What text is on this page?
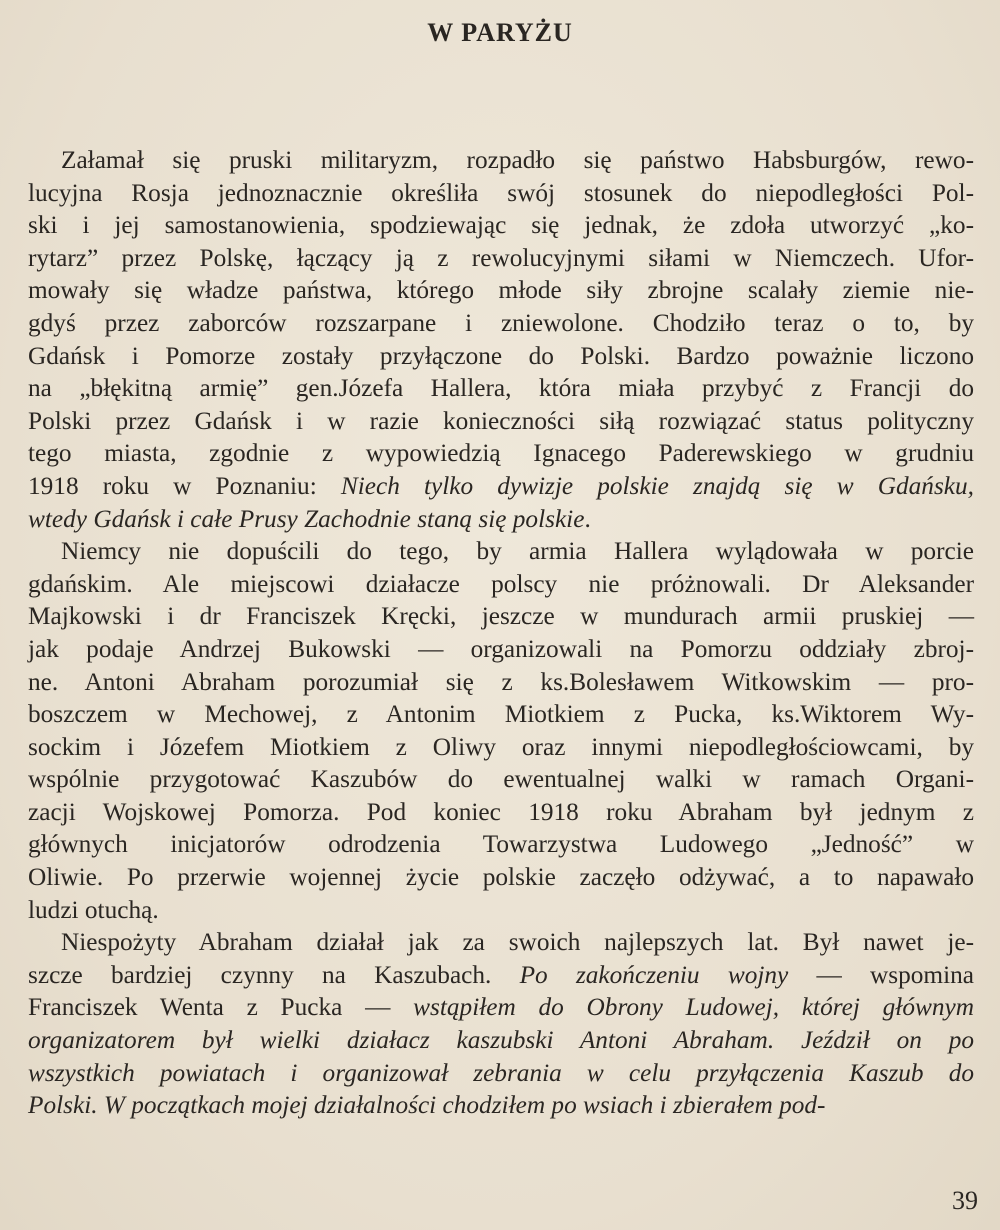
W PARYŻU
Załamał się pruski militaryzm, rozpadło się państwo Habsburgów, rewo-
lucyjna Rosja jednoznacznie określiła swój stosunek do niepodległości Pol-
ski i jej samostanowienia, spodziewając się jednak, że zdoła utworzyć „ko-
rytarz” przez Polskę, łączący ją z rewolucyjnymi siłami w Niemczech. Ufor-
mowały się władze państwa, którego młode siły zbrojne scalały ziemie nie-
gdyś przez zaborców rozszarpane i zniewolone. Chodziło teraz o to, by
Gdańsk i Pomorze zostały przyłączone do Polski. Bardzo poważnie liczono
na „błękitną armię” gen.Józefa Hallera, która miała przybyć z Francji do
Polski przez Gdańsk i w razie konieczności siłą rozwiązać status polityczny
tego miasta, zgodnie z wypowiedzią Ignacego Paderewskiego w grudniu
1918 roku w Poznaniu: Niech tylko dywizje polskie znajdą się w Gdańsku,
wtedy Gdańsk i całe Prusy Zachodnie staną się polskie.
Niemcy nie dopuścili do tego, by armia Hallera wylądowała w porcie
gdańskim. Ale miejscowi działacze polscy nie próżnowali. Dr Aleksander
Majkowski i dr Franciszek Kręcki, jeszcze w mundurach armii pruskiej —
jak podaje Andrzej Bukowski — organizowali na Pomorzu oddziały zbroj-
ne. Antoni Abraham porozumiał się z ks.Bolesławem Witkowskim — pro-
boszczem w Mechowej, z Antonim Miotkiem z Pucka, ks.Wiktorem Wy-
sockim i Józefem Miotkiem z Oliwy oraz innymi niepodległościowcami, by
wspólnie przygotować Kaszubów do ewentualnej walki w ramach Organi-
zacji Wojskowej Pomorza. Pod koniec 1918 roku Abraham był jednym z
głównych inicjatorów odrodzenia Towarzystwa Ludowego „Jedność” w
Oliwie. Po przerwie wojennej życie polskie zaczęło odżywać, a to napawało
ludzi otuchą.
Niespożyty Abraham działał jak za swoich najlepszych lat. Był nawet je-
szcze bardziej czynny na Kaszubach. Po zakończeniu wojny — wspomina
Franciszek Wenta z Pucka — wstąpiłem do Obrony Ludowej, której głównym
organizatorem był wielki działacz kaszubski Antoni Abraham. Jeździł on po
wszystkich powiatach i organizował zebrania w celu przyłączenia Kaszub do
Polski. W początkach mojej działalności chodziłem po wsiach i zbierałem pod-
39
